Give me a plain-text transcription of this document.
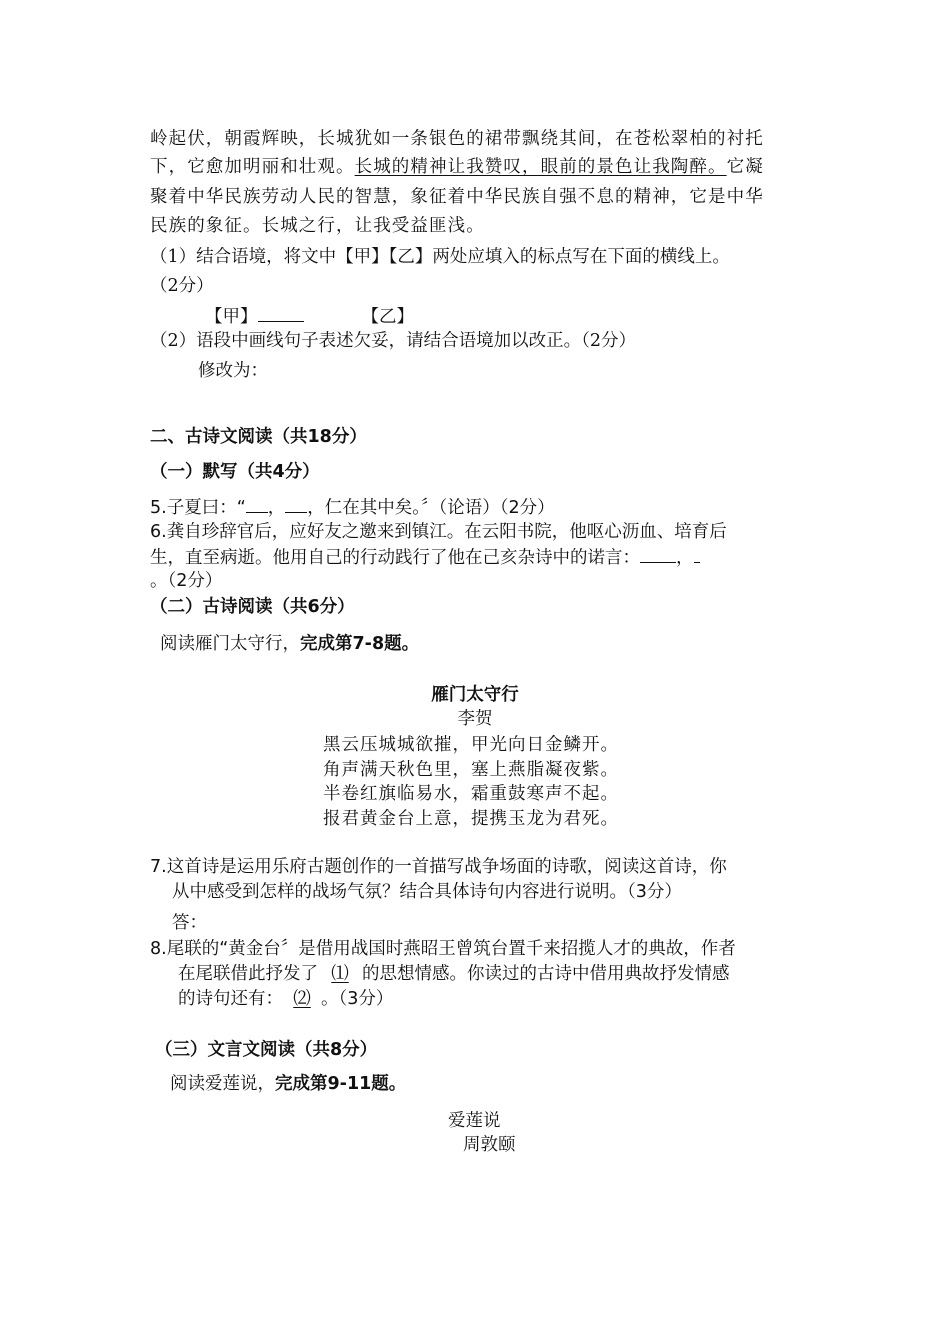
岭起伏，朝霞辉映，长城犹如一条银色的裙带飘绕其间，在苍松翠柏的衬托
下，它愈加明丽和壮观。长城的精神让我赞叹，眼前的景色让我陶醉。它凝
聚着中华民族劳动人民的智慧，象征着中华民族自强不息的精神，它是中华
民族的象征。长城之行，让我受益匪浅。
（1）结合语境，将文中【甲】【乙】两处应填入的标点写在下面的横线上。
（2分）
【甲】	【乙】
（2）语段中画线句子表述欠妥，请结合语境加以改正。（2分）
修改为：
二、古诗文阅读（共18分）
（一）默写（共4分）
5.子夏曰：“ ， ，仁在其中矣。〞（论语）（2分）
6.龚自珍辞官后，应好友之邀来到镇江。在云阳书院，他呕心沥血、培育后
生，直至病逝。他用自己的行动践行了他在己亥杂诗中的诺言： ，
。（2分）
（二）古诗阅读（共6分）
阅读雁门太守行，完成第7-8题。
雁门太守行
李贺
黑云压城城欲摧，甲光向日金鳞开。
角声满天秋色里，塞上燕脂凝夜紫。
半卷红旗临易水，霜重鼓寒声不起。
报君黄金台上意，提携玉龙为君死。
7.这首诗是运用乐府古题创作的一首描写战争场面的诗歌，阅读这首诗，你
从中感受到怎样的战场气氛？结合具体诗句内容进行说明。（3分）
答：
8.尾联的“黄金台〞是借用战国时燕昭王曾筑台置千来招揽人才的典故，作者
在尾联借此抒发了 ⑴ 的思想情感。你读过的古诗中借用典故抒发情感
的诗句还有： ⑵ 。（3分）
（三）文言文阅读（共8分）
阅读爱莲说，完成第9-11题。
爱莲说
周敦颐
